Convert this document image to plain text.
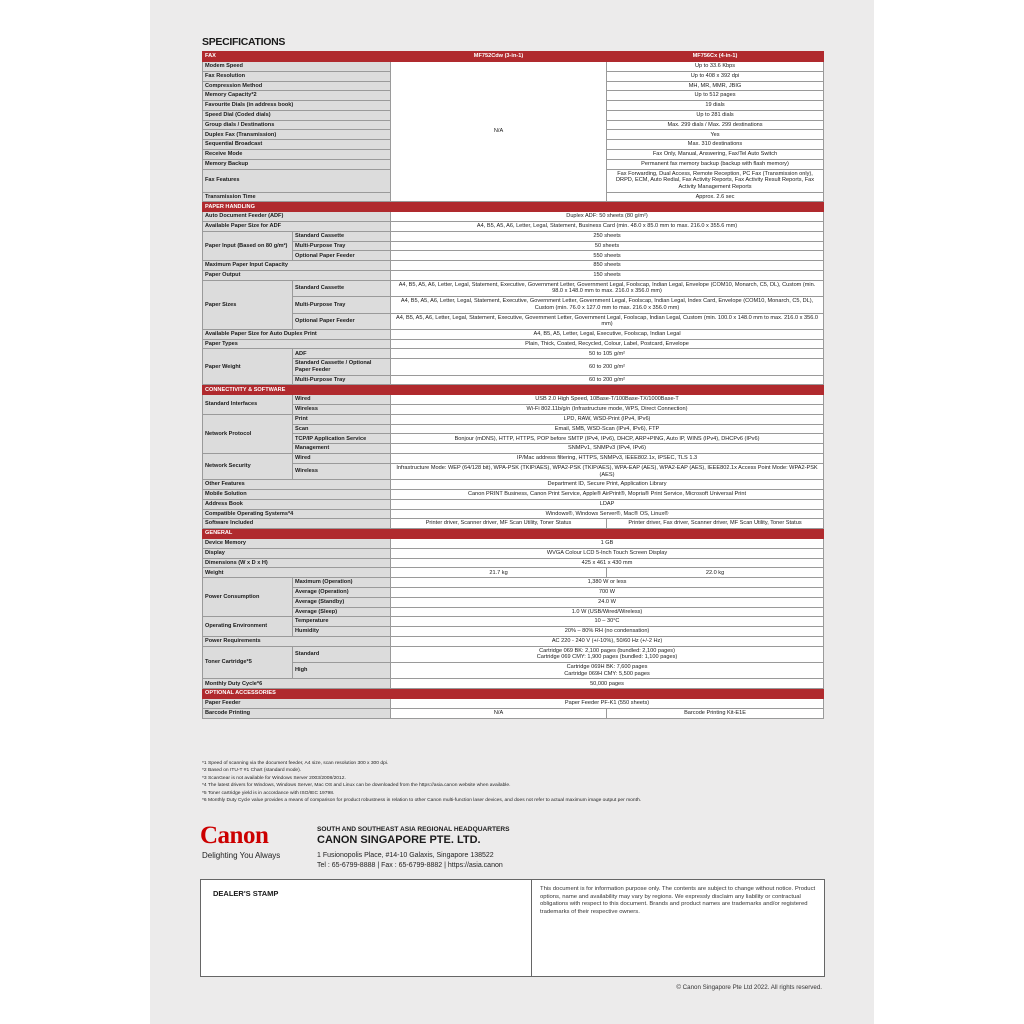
SPECIFICATIONS
FAX		MF752Cdw (3-in-1)	MF756Cx (4-in-1)
Modem Speed		N/A	Up to 33.6 Kbps
Fax Resolution			Up to 408 x 392 dpi
Compression Method			MH, MR, MMR, JBIG
Memory Capacity*2			Up to 512 pages
Favourite Dials (in address book)			19 dials
Speed Dial (Coded dials)			Up to 281 dials
Group dials / Destinations			Max. 299 dials / Max. 299 destinations
Duplex Fax (Transmission)			Yes
Sequential Broadcast			Max. 310 destinations
Receive Mode			Fax Only, Manual, Answering, Fax/Tel Auto Switch
Memory Backup			Permanent fax memory backup (backup with flash memory)
Fax Features			Fax Forwarding, Dual Access, Remote Reception, PC Fax (Transmission only), DRPD, ECM, Auto Redial, Fax Activity Reports, Fax Activity Result Reports, Fax Activity Management Reports
Transmission Time			Approx. 2.6 sec
PAPER HANDLING			
Auto Document Feeder (ADF)		Duplex ADF: 50 sheets (80 g/m²)	
Available Paper Size for ADF		A4, B5, A5, A6, Letter, Legal, Statement, Business Card (min. 48.0 x 85.0 mm to max. 216.0 x 355.6 mm)	
Paper Input (Based on 80 g/m²)	Standard Cassette	250 sheets	
	Multi-Purpose Tray	50 sheets	
	Optional Paper Feeder	550 sheets	
Maximum Paper Input Capacity		850 sheets	
Paper Output		150 sheets	
Paper Sizes	Standard Cassette	A4, B5, A5, A6, Letter, Legal, Statement, Executive, Government Letter, Government Legal, Foolscap, Indian Legal, Envelope (COM10, Monarch, C5, DL), Custom (min. 98.0 x 148.0 mm to max. 216.0 x 356.0 mm)	
	Multi-Purpose Tray	A4, B5, A5, A6, Letter, Legal, Statement, Executive, Government Letter, Government Legal, Foolscap, Indian Legal, Index Card, Envelope (COM10, Monarch, C5, DL), Custom (min. 76.0 x 127.0 mm to max. 216.0 x 356.0 mm)	
	Optional Paper Feeder	A4, B5, A5, A6, Letter, Legal, Statement, Executive, Government Letter, Government Legal, Foolscap, Indian Legal, Custom (min. 100.0 x 148.0 mm to max. 216.0 x 356.0 mm)	
Available Paper Size for Auto Duplex Print		A4, B5, A5, Letter, Legal, Executive, Foolscap, Indian Legal	
Paper Types		Plain, Thick, Coated, Recycled, Colour, Label, Postcard, Envelope	
Paper Weight	ADF	50 to 105 g/m²	
	Standard Cassette / Optional Paper Feeder	60 to 200 g/m²	
	Multi-Purpose Tray	60 to 200 g/m²	
CONNECTIVITY & SOFTWARE			
Standard Interfaces	Wired	USB 2.0 High Speed, 10Base-T/100Base-TX/1000Base-T	
	Wireless	Wi-Fi 802.11b/g/n (Infrastructure mode, WPS, Direct Connection)	
Network Protocol	Print	LPD, RAW, WSD-Print (IPv4, IPv6)	
	Scan	Email, SMB, WSD-Scan (IPv4, IPv6), FTP	
	TCP/IP Application Service	Bonjour (mDNS), HTTP, HTTPS, POP before SMTP (IPv4, IPv6), DHCP, ARP+PING, Auto IP, WINS (IPv4), DHCPv6 (IPv6)	
	Management	SNMPv1, SNMPv3 (IPv4, IPv6)	
Network Security	Wired	IP/Mac address filtering, HTTPS, SNMPv3, IEEE802.1x, IPSEC, TLS 1.3	
	Wireless	Infrastructure Mode: WEP (64/128 bit), WPA-PSK (TKIP/AES), WPA2-PSK (TKIP/AES), WPA-EAP (AES), WPA2-EAP (AES), IEEE802.1x Access Point Mode: WPA2-PSK (AES)	
Other Features		Department ID, Secure Print, Application Library	
Mobile Solution		Canon PRINT Business, Canon Print Service, Apple® AirPrint®, Mopria® Print Service, Microsoft Universal Print	
Address Book		LDAP	
Compatible Operating Systems*4		Windows®, Windows Server®, Mac® OS, Linux®	
Software Included		Printer driver, Scanner driver, MF Scan Utility, Toner Status	Printer driver, Fax driver, Scanner driver, MF Scan Utility, Toner Status
GENERAL			
Device Memory		1 GB	
Display		WVGA Colour LCD 5-Inch Touch Screen Display	
Dimensions (W x D x H)		425 x 461 x 430 mm	
Weight		21.7 kg	22.0 kg
Power Consumption	Maximum (Operation)	1,380 W or less	
	Average (Operation)	700 W	
	Average (Standby)	24.0 W	
	Average (Sleep)	1.0 W (USB/Wired/Wireless)	
Operating Environment	Temperature	10 – 30°C	
	Humidity	20% – 80% RH (no condensation)	
Power Requirements		AC 220 - 240 V (+/-10%), 50/60 Hz (+/-2 Hz)	
Toner Cartridge*5	Standard	Cartridge 069 BK: 2,100 pages (bundled: 2,100 pages)
Cartridge 069 CMY: 1,900 pages (bundled: 1,100 pages)	

	High	Cartridge 069H BK: 7,600 pages
Cartridge 069H CMY: 5,500 pages	

Monthly Duty Cycle*6		50,000 pages	
OPTIONAL ACCESSORIES			
Paper Feeder		Paper Feeder PF-K1 (550 sheets)	
Barcode Printing		N/A	Barcode Printing Kit-E1E
*1 Speed of scanning via the document feeder, A4 size, scan resolution 300 x 300 dpi.
*2 Based on ITU-T #1 Chart (standard mode).
*3 ScanGear is not available for Windows Server 2003/2008/2012.
*4 The latest drivers for Windows, Windows Server, Mac OS and Linux can be downloaded from the https://asia.canon website when available.
*5 Toner cartridge yield is in accordance with ISO/IEC 19798.
*6 Monthly Duty Cycle value provides a means of comparison for product robustness in relation to other Canon multi-function laser devices, and does not refer to actual maximum image output per month.
Canon
Delighting You Always
SOUTH AND SOUTHEAST ASIA REGIONAL HEADQUARTERS
CANON SINGAPORE PTE. LTD.
1 Fusionopolis Place, #14-10 Galaxis, Singapore 138522
Tel : 65-6799-8888 | Fax : 65-6799-8882 | https://asia.canon
DEALER'S STAMP	This document is for information purpose only. The contents are subject to change without notice. Product options, name and availability may vary by regions. We expressly disclaim any liability or contractual obligations with respect to this document. Brands and product names are trademarks and/or registered trademarks of their respective owners.
© Canon Singapore Pte Ltd 2022. All rights reserved.
